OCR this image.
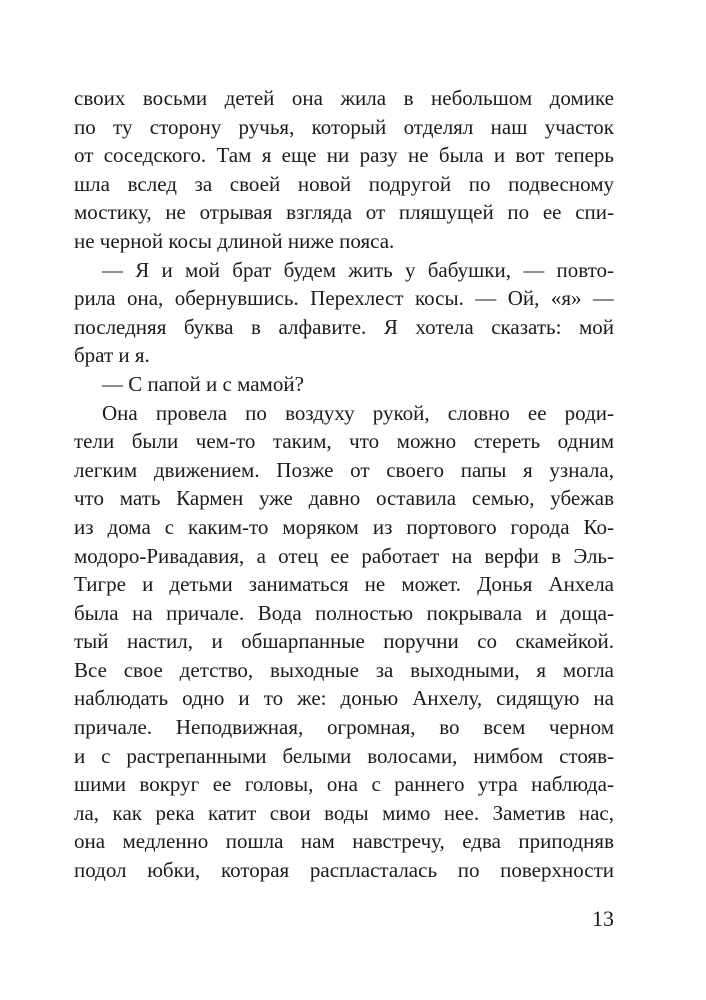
своих восьми детей она жила в небольшом домике
по ту сторону ручья, который отделял наш участок
от соседского. Там я еще ни разу не была и вот теперь
шла вслед за своей новой подругой по подвесному
мостику, не отрывая взгляда от пляшущей по ее спи-
не черной косы длиной ниже пояса.
— Я и мой брат будем жить у бабушки, — повто-
рила она, обернувшись. Перехлест косы. — Ой, «я» —
последняя буква в алфавите. Я хотела сказать: мой
брат и я.
— С папой и с мамой?
Она провела по воздуху рукой, словно ее роди-
тели были чем-то таким, что можно стереть одним
легким движением. Позже от своего папы я узнала,
что мать Кармен уже давно оставила семью, убежав
из дома с каким-то моряком из портового города Ко-
модоро-Ривадавия, а отец ее работает на верфи в Эль-
Тигре и детьми заниматься не может. Донья Анхела
была на причале. Вода полностью покрывала и доща-
тый настил, и обшарпанные поручни со скамейкой.
Все свое детство, выходные за выходными, я могла
наблюдать одно и то же: донью Анхелу, сидящую на
причале. Неподвижная, огромная, во всем черном
и с растрепанными белыми волосами, нимбом стояв-
шими вокруг ее головы, она с раннего утра наблюда-
ла, как река катит свои воды мимо нее. Заметив нас,
она медленно пошла нам навстречу, едва приподняв
подол юбки, которая распласталась по поверхности
13
